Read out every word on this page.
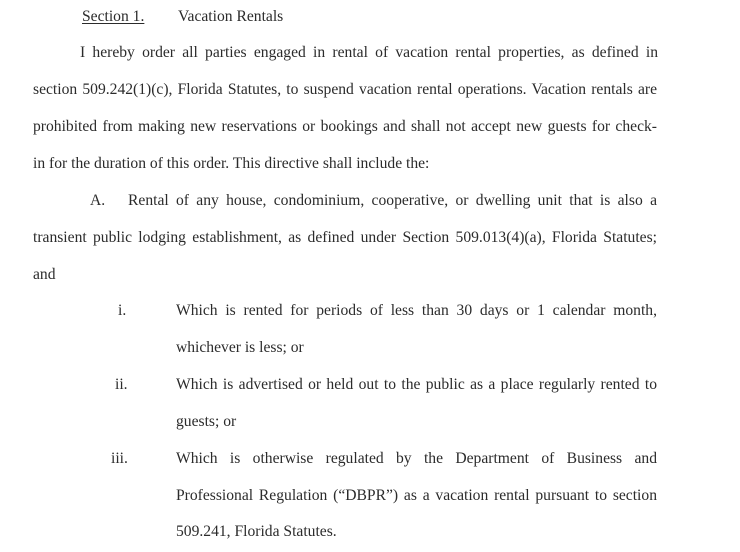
Section 1. Vacation Rentals
I hereby order all parties engaged in rental of vacation rental properties, as defined in
section 509.242(1)(c), Florida Statutes, to suspend vacation rental operations. Vacation rentals are
prohibited from making new reservations or bookings and shall not accept new guests for check-
in for the duration of this order. This directive shall include the:
A. Rental of any house, condominium, cooperative, or dwelling unit that is also a
transient public lodging establishment, as defined under Section 509.013(4)(a), Florida Statutes;
and
i.	Which is rented for periods of less than 30 days or 1 calendar month,
whichever is less; or
ii.	Which is advertised or held out to the public as a place regularly rented to
guests; or
iii.	Which is otherwise regulated by the Department of Business and
Professional Regulation (“DBPR”) as a vacation rental pursuant to section
509.241, Florida Statutes.
